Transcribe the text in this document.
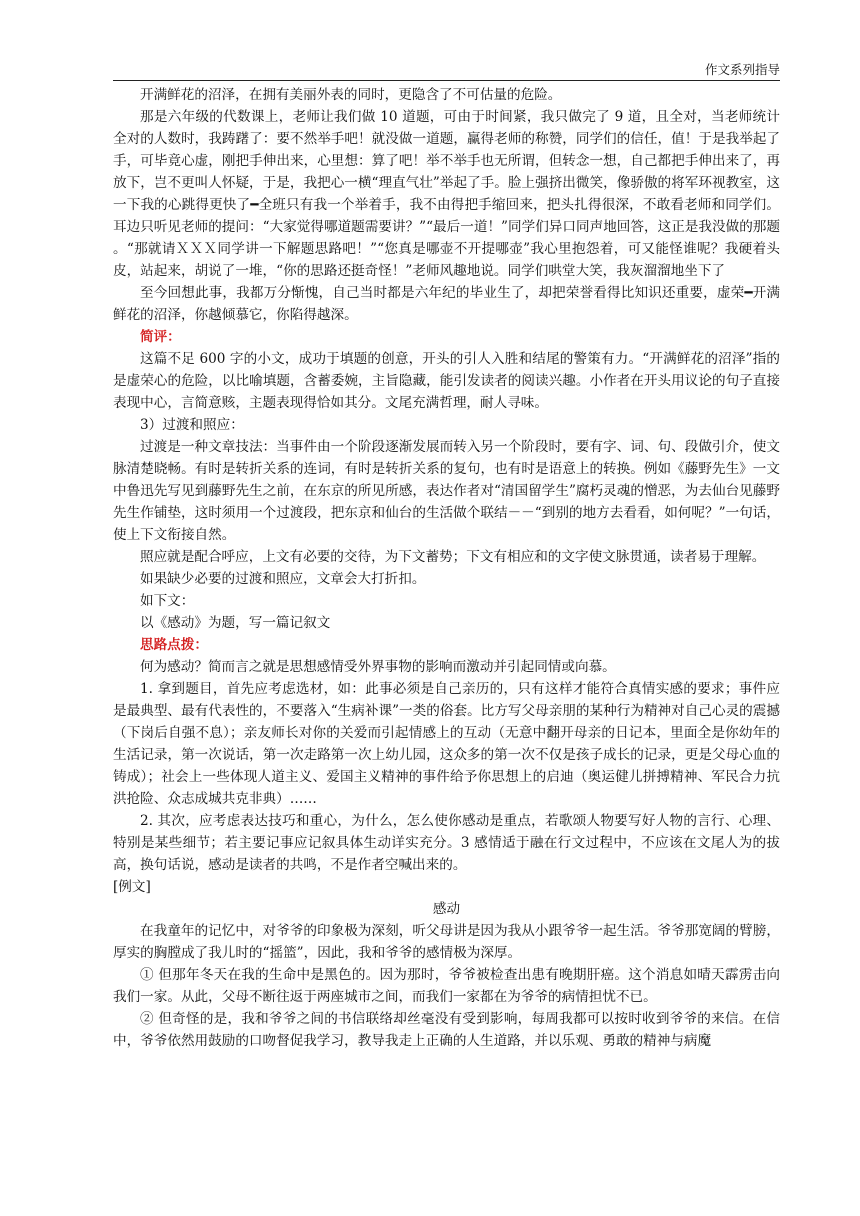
作文系列指导

开满鲜花的沼泽，在拥有美丽外表的同时，更隐含了不可估量的危险。

那是六年级的代数课上，老师让我们做 10 道题，可由于时间紧，我只做完了 9 道，且全对，当老师统计全对的人数时，我踌躇了：要不然举手吧！就没做一道题，赢得老师的称赞，同学们的信任，值！于是我举起了手，可毕竟心虚，刚把手伸出来，心里想：算了吧！举不举手也无所谓，但转念一想，自己都把手伸出来了，再放下，岂不更叫人怀疑，于是，我把心一横“理直气壮”举起了手。脸上强挤出微笑，像骄傲的将军环视教室，这一下我的心跳得更快了━全班只有我一个举着手，我不由得把手缩回来，把头扎得很深，不敢看老师和同学们。耳边只听见老师的提问：“大家觉得哪道题需要讲？”“最后一道！”同学们异口同声地回答，这正是我没做的那题 。“那就请ＸＸＸ同学讲一下解题思路吧！”“您真是哪壶不开提哪壶”我心里抱怨着，可又能怪谁呢？我硬着头皮，站起来，胡说了一堆，“你的思路还挺奇怪！”老师风趣地说。同学们哄堂大笑，我灰溜溜地坐下了

至今回想此事，我都万分惭愧，自己当时都是六年纪的毕业生了，却把荣誉看得比知识还重要，虚荣━开满鲜花的沼泽，你越倾慕它，你陷得越深。

简评：

这篇不足 600 字的小文，成功于填题的创意，开头的引人入胜和结尾的警策有力。“开满鲜花的沼泽”指的是虚荣心的危险，以比喻填题，含蓄委婉，主旨隐藏，能引发读者的阅读兴趣。小作者在开头用议论的句子直接表现中心，言简意赅，主题表现得恰如其分。文尾充满哲理，耐人寻味。

3）过渡和照应：

过渡是一种文章技法：当事件由一个阶段逐渐发展而转入另一个阶段时，要有字、词、句、段做引介，使文脉清楚晓畅。有时是转折关系的连词，有时是转折关系的复句，也有时是语意上的转换。例如《藤野先生》一文中鲁迅先写见到藤野先生之前，在东京的所见所感，表达作者对“清国留学生”腐朽灵魂的憎恶，为去仙台见藤野先生作铺垫，这时须用一个过渡段，把东京和仙台的生活做个联结－－“到别的地方去看看，如何呢？”一句话，使上下文衔接自然。

照应就是配合呼应，上文有必要的交待，为下文蓄势；下文有相应和的文字使文脉贯通，读者易于理解。

如果缺少必要的过渡和照应，文章会大打折扣。

如下文：

以《感动》为题，写一篇记叙文

思路点拨：

何为感动？简而言之就是思想感情受外界事物的影响而激动并引起同情或向慕。

1. 拿到题目，首先应考虑选材，如：此事必须是自己亲历的，只有这样才能符合真情实感的要求；事件应是最典型、最有代表性的，不要落入“生病补课”一类的俗套。比方写父母亲朋的某种行为精神对自己心灵的震撼（下岗后自强不息）；亲友师长对你的关爱而引起情感上的互动（无意中翻开母亲的日记本，里面全是你幼年的生活记录，第一次说话，第一次走路第一次上幼儿园，这众多的第一次不仅是孩子成长的记录，更是父母心血的铸成）；社会上一些体现人道主义、爱国主义精神的事件给予你思想上的启迪（奥运健儿拼搏精神、军民合力抗洪抢险、众志成城共克非典）……

2. 其次，应考虑表达技巧和重心，为什么，怎么使你感动是重点，若歌颂人物要写好人物的言行、心理、特别是某些细节；若主要记事应记叙具体生动详实充分。3 感情适于融在行文过程中，不应该在文尾人为的拔高，换句话说，感动是读者的共鸣，不是作者空喊出来的。

[例文]

感动

在我童年的记忆中，对爷爷的印象极为深刻，听父母讲是因为我从小跟爷爷一起生活。爷爷那宽阔的臂膀，厚实的胸膛成了我儿时的“摇篮”，因此，我和爷爷的感情极为深厚。

① 但那年冬天在我的生命中是黑色的。因为那时，爷爷被检查出患有晚期肝癌。这个消息如晴天霹雳击向我们一家。从此，父母不断往返于两座城市之间，而我们一家都在为爷爷的病情担忧不已。

② 但奇怪的是，我和爷爷之间的书信联络却丝毫没有受到影响，每周我都可以按时收到爷爷的来信。在信中，爷爷依然用鼓励的口吻督促我学习，教导我走上正确的人生道路，并以乐观、勇敢的精神与病魔
